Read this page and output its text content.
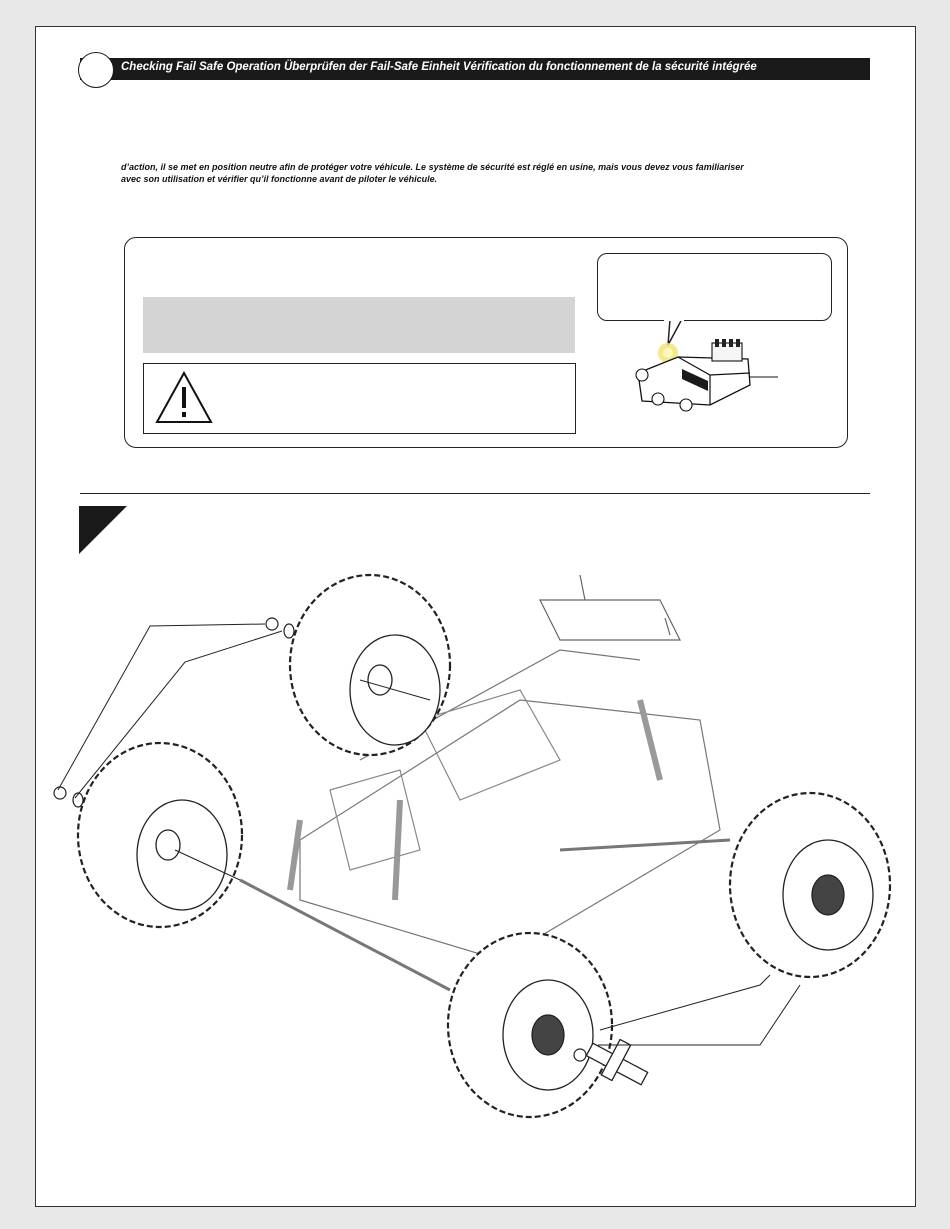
Checking Fail Safe Operation Überprüfen der Fail-Safe Einheit Vérification du fonctionnement de la sécurité intégrée
d’action, il se met en position neutre afin de protéger votre véhicule. Le système de sécurité est réglé en usine, mais vous devez vous familiariser
avec son utilisation et vérifier qu’il fonctionne avant de piloter le véhicule.
